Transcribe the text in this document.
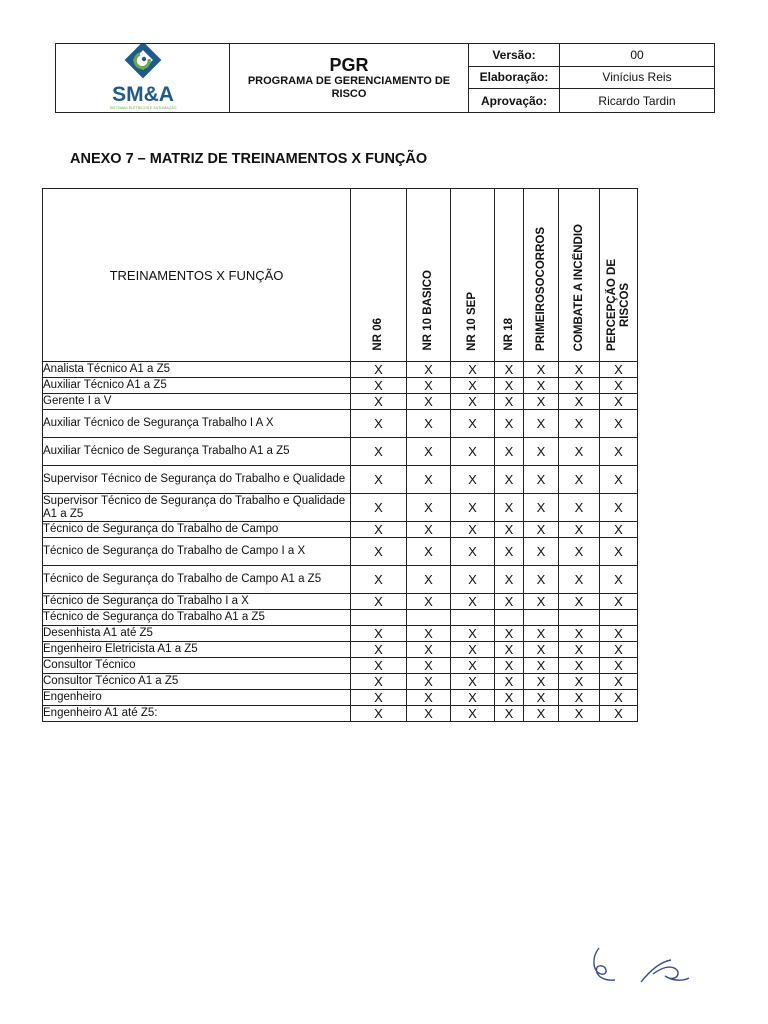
SM&A
SISTEMAS ELÉTRICOS E AUTOMAÇÃO
PGR
PROGRAMA DE GERENCIAMENTO DE
RISCO
Versão:	00
Elaboração:	Vinícius Reis
Aprovação:	Ricardo Tardin
ANEXO 7 – MATRIZ DE TREINAMENTOS X FUNÇÃO
TREINAMENTOS X FUNÇÃO	NR 06	NR 10 BASICO	NR 10 SEP	NR 18	PRIMEIROSOCORROS	COMBATE A INCÊNDIO	PERCEPÇÃO DE RISCOS

Analista Técnico A1 a Z5	X	X	X	X	X	X	X
Auxiliar Técnico A1 a Z5	X	X	X	X	X	X	X
Gerente I a V	X	X	X	X	X	X	X
Auxiliar Técnico de Segurança Trabalho I A X	X	X	X	X	X	X	X
Auxiliar Técnico de Segurança Trabalho A1 a Z5	X	X	X	X	X	X	X
Supervisor Técnico de Segurança do Trabalho e Qualidade	X	X	X	X	X	X	X
Supervisor Técnico de Segurança do Trabalho e Qualidade A1 a Z5	X	X	X	X	X	X	X
Técnico de Segurança do Trabalho de Campo	X	X	X	X	X	X	X
Técnico de Segurança do Trabalho de Campo I a X	X	X	X	X	X	X	X
Técnico de Segurança do Trabalho de Campo A1 a Z5	X	X	X	X	X	X	X
Técnico de Segurança do Trabalho I a X	X	X	X	X	X	X	X
Técnico de Segurança do Trabalho A1 a Z5							
Desenhista A1 até Z5	X	X	X	X	X	X	X
Engenheiro Eletricista A1 a Z5	X	X	X	X	X	X	X
Consultor Técnico	X	X	X	X	X	X	X
Consultor Técnico A1 a Z5	X	X	X	X	X	X	X
Engenheiro	X	X	X	X	X	X	X
Engenheiro A1 até Z5:	X	X	X	X	X	X	X
